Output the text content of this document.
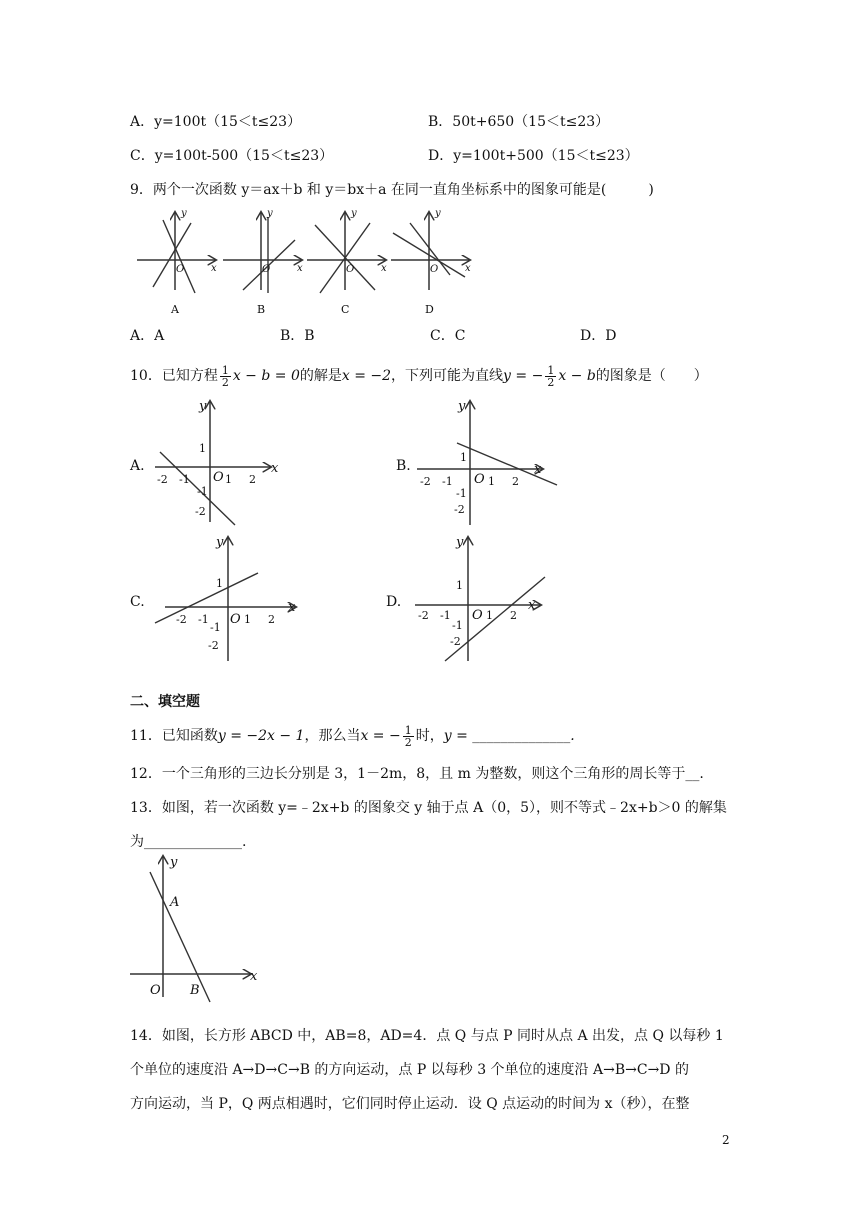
A．y=100t（15＜t≤23）	B．50t+650（15＜t≤23）
C．y=100t-500（15＜t≤23）	D．y=100t+500（15＜t≤23）
9．两个一次函数 y＝ax＋b 和 y＝bx＋a 在同一直角坐标系中的图象可能是(　　　)
y
x
O
A
y
x
O
B
y
x
O
C
y
x
O
D
A．A	B．B	C．C	D．D
10．已知方程 $\frac{1}{2}$ x − b = 0的解是x = −2，下列可能为直线y = − $\frac{1}{2}$ x − b的图象是（　　）
A.	B.
C.	D.
y
x
O
-2 -1	1 2
1
-1
-2
y
x
O
-2 -1	1 2
1
-1
-2
y
x
O
-2 -1	1 2
1
-1
-2
y
x
O
-2 -1	1 2
1
-1
-2
二、填空题
11．已知函数y = −2x − 1，那么当x = − $\frac{1}{2}$ 时，y = ______________.
12．一个三角形的三边长分别是 3，1－2m，8，且 m 为整数，则这个三角形的周长等于__.
13．如图，若一次函数 y=﹣2x+b 的图象交 y 轴于点 A（0，5），则不等式﹣2x+b＞0 的解集
为______________.
y
x
A
O B
14．如图，长方形 ABCD 中，AB=8，AD=4．点 Q 与点 P 同时从点 A 出发，点 Q 以每秒 1
个单位的速度沿 A→D→C→B 的方向运动，点 P 以每秒 3 个单位的速度沿 A→B→C→D 的
方向运动，当 P，Q 两点相遇时，它们同时停止运动．设 Q 点运动的时间为 x（秒），在整
2
